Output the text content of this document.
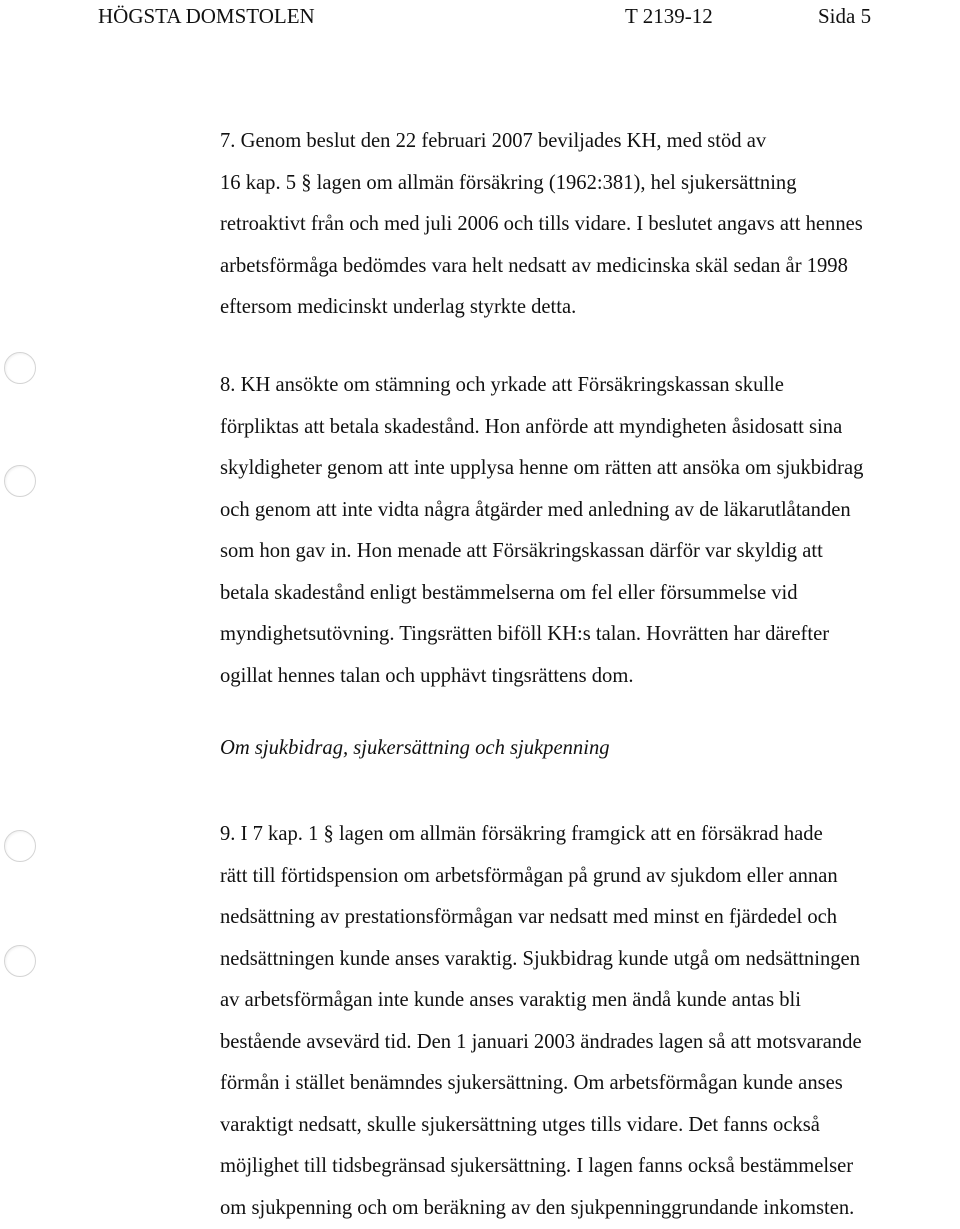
HÖGSTA DOMSTOLEN	T 2139-12	Sida 5
7. Genom beslut den 22 februari 2007 beviljades KH, med stöd av
16 kap. 5 § lagen om allmän försäkring (1962:381), hel sjukersättning
retroaktivt från och med juli 2006 och tills vidare. I beslutet angavs att hennes
arbetsförmåga bedömdes vara helt nedsatt av medicinska skäl sedan år 1998
eftersom medicinskt underlag styrkte detta.
8. KH ansökte om stämning och yrkade att Försäkringskassan skulle
förpliktas att betala skadestånd. Hon anförde att myndigheten åsidosatt sina
skyldigheter genom att inte upplysa henne om rätten att ansöka om sjukbidrag
och genom att inte vidta några åtgärder med anledning av de läkarutlåtanden
som hon gav in. Hon menade att Försäkringskassan därför var skyldig att
betala skadestånd enligt bestämmelserna om fel eller försummelse vid
myndighetsutövning. Tingsrätten biföll KH:s talan. Hovrätten har därefter
ogillat hennes talan och upphävt tingsrättens dom.
Om sjukbidrag, sjukersättning och sjukpenning
9. I 7 kap. 1 § lagen om allmän försäkring framgick att en försäkrad hade
rätt till förtidspension om arbetsförmågan på grund av sjukdom eller annan
nedsättning av prestationsförmågan var nedsatt med minst en fjärdedel och
nedsättningen kunde anses varaktig. Sjukbidrag kunde utgå om nedsättningen
av arbetsförmågan inte kunde anses varaktig men ändå kunde antas bli
bestående avsevärd tid. Den 1 januari 2003 ändrades lagen så att motsvarande
förmån i stället benämndes sjukersättning. Om arbetsförmågan kunde anses
varaktigt nedsatt, skulle sjukersättning utges tills vidare. Det fanns också
möjlighet till tidsbegränsad sjukersättning. I lagen fanns också bestämmelser
om sjukpenning och om beräkning av den sjukpenninggrundande inkomsten.
